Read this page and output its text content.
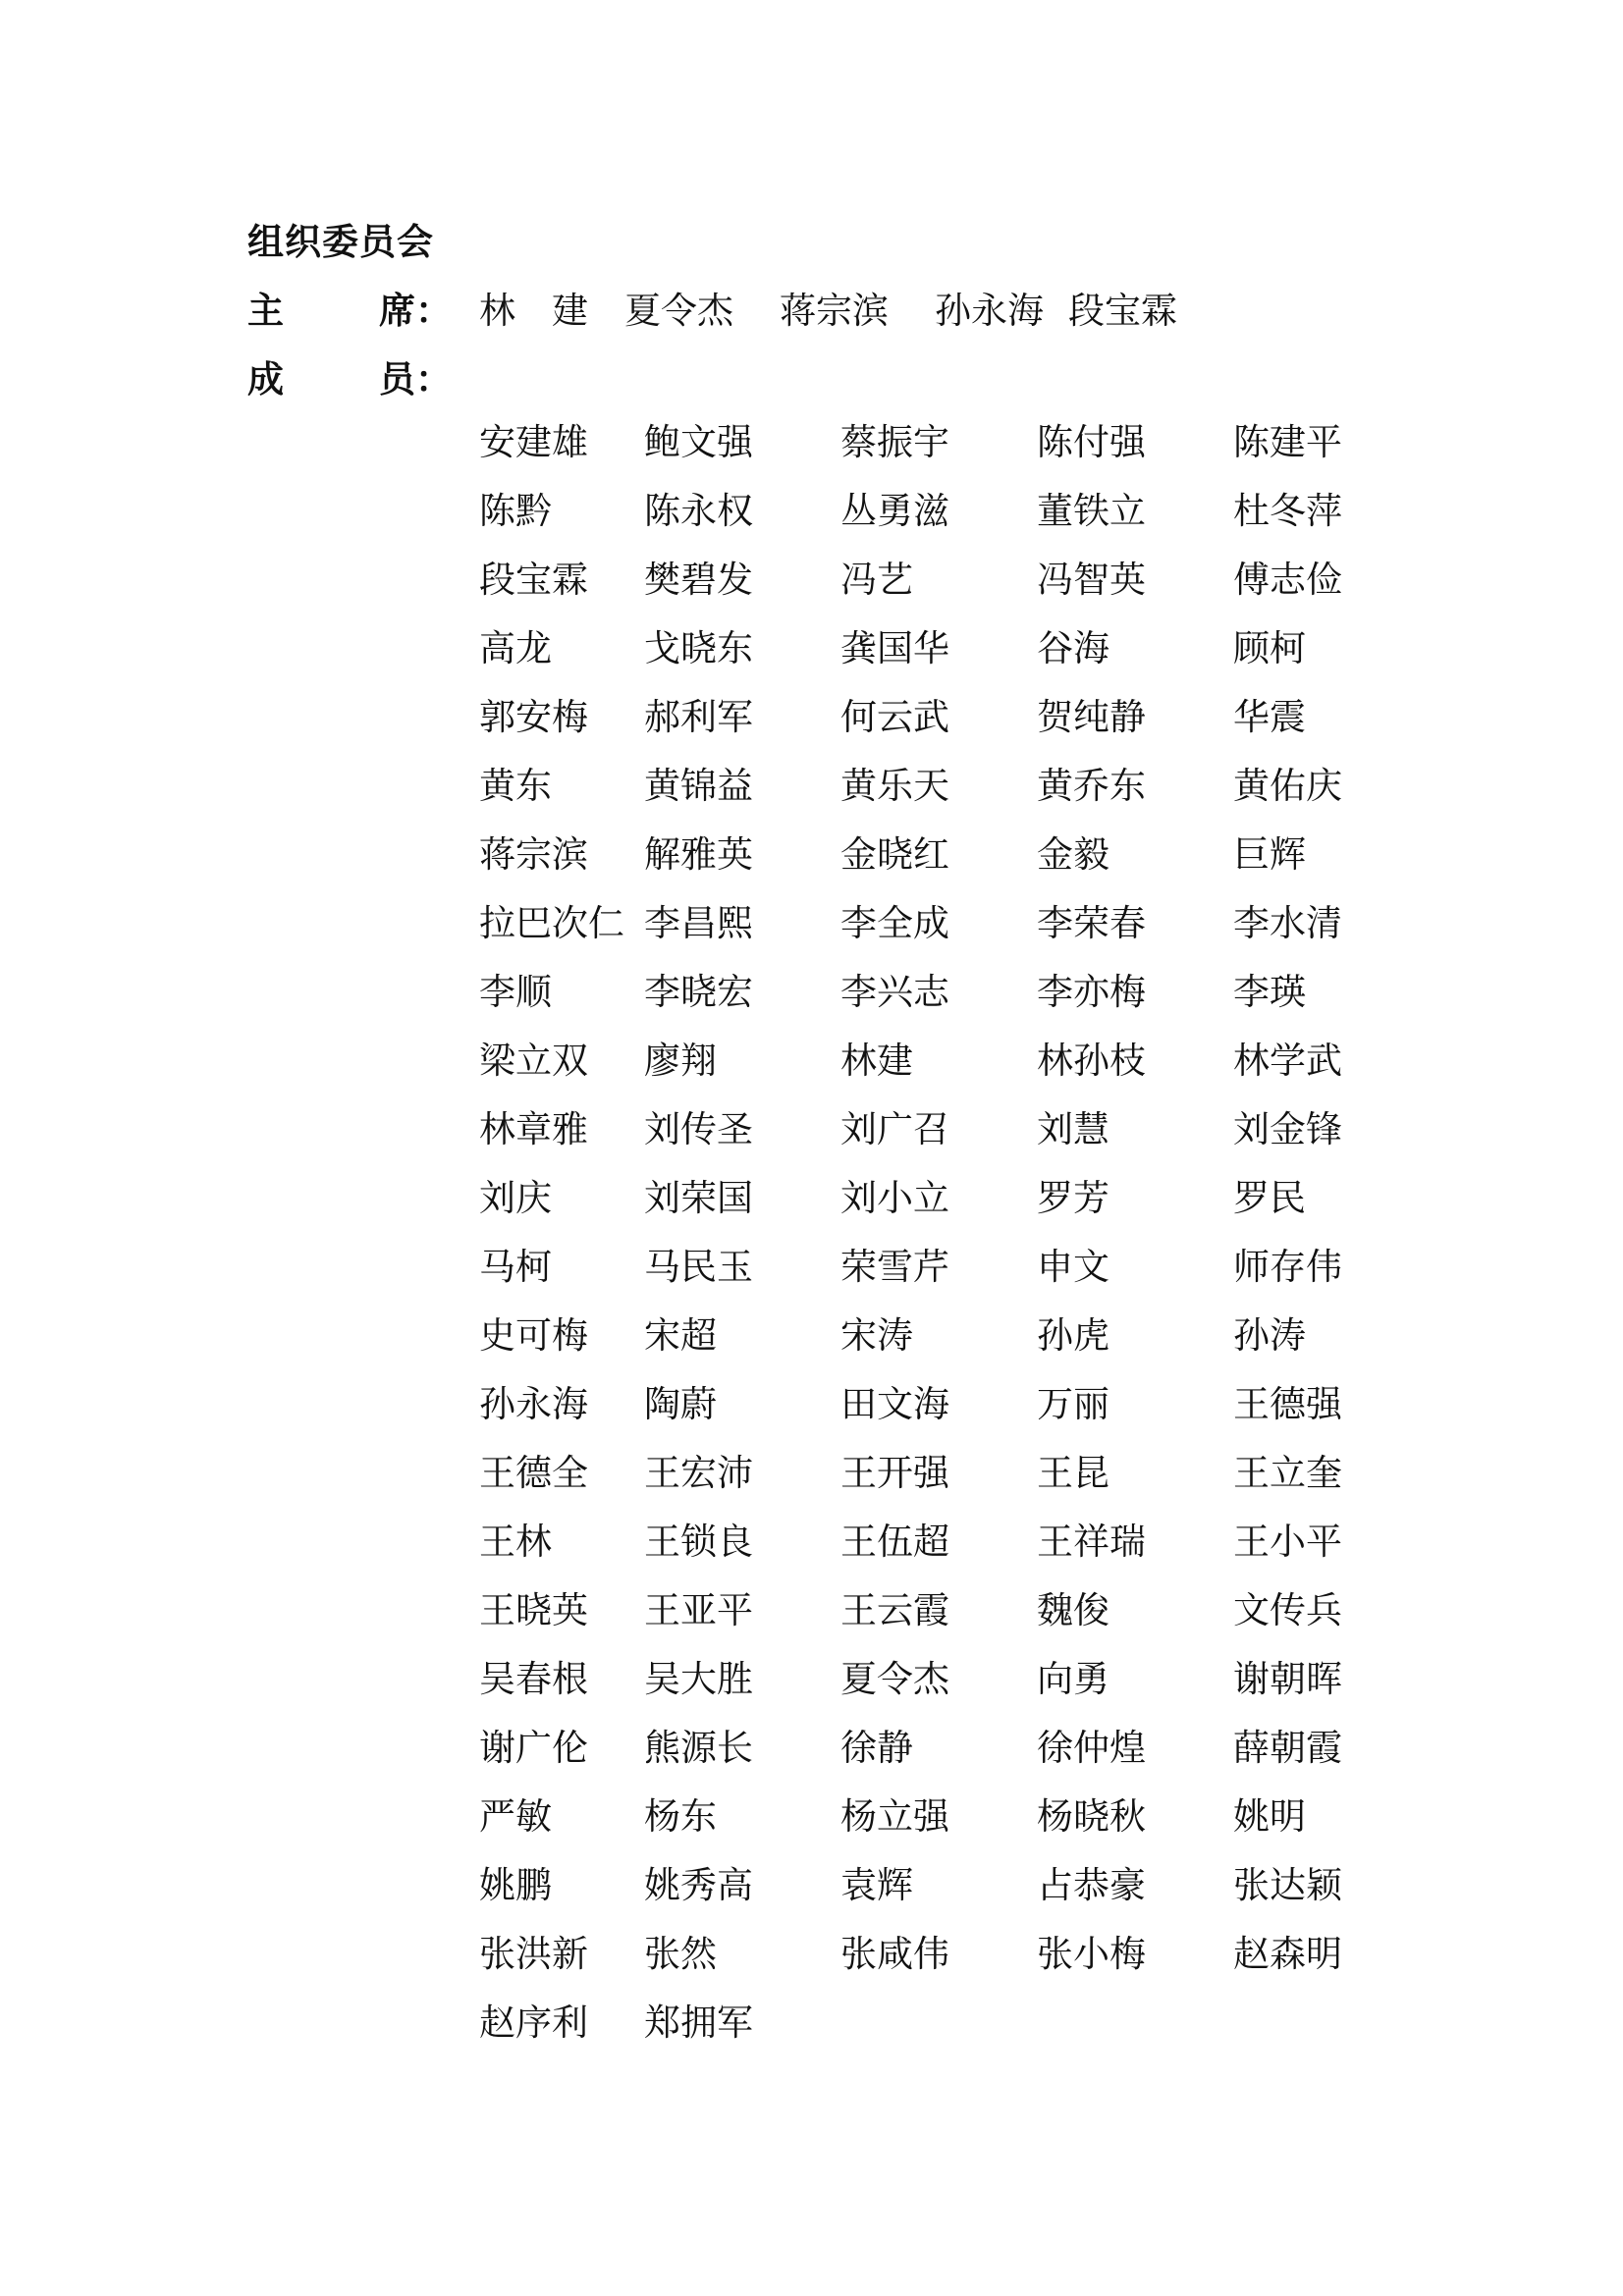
组织委员会
主	席： 林　建 夏令杰 蒋宗滨 孙永海 段宝霖
成	员：
安建雄	鲍文强	蔡振宇	陈付强	陈建平
陈黔	陈永权	丛勇滋	董铁立	杜冬萍
段宝霖	樊碧发	冯艺	冯智英	傅志俭
高龙	戈晓东	龚国华	谷海	顾柯
郭安梅	郝利军	何云武	贺纯静	华震
黄东	黄锦益	黄乐天	黄乔东	黄佑庆
蒋宗滨	解雅英	金晓红	金毅	巨辉
拉巴次仁 李昌熙	李全成	李荣春	李水清
李顺	李晓宏	李兴志	李亦梅	李瑛
梁立双	廖翔	林建	林孙枝	林学武
林章雅	刘传圣	刘广召	刘慧	刘金锋
刘庆	刘荣国	刘小立	罗芳	罗民
马柯	马民玉	荣雪芹	申文	师存伟
史可梅	宋超	宋涛	孙虎	孙涛
孙永海	陶蔚	田文海	万丽	王德强
王德全	王宏沛	王开强	王昆	王立奎
王林	王锁良	王伍超	王祥瑞	王小平
王晓英	王亚平	王云霞	魏俊	文传兵
吴春根	吴大胜	夏令杰	向勇	谢朝晖
谢广伦	熊源长	徐静	徐仲煌	薛朝霞
严敏	杨东	杨立强	杨晓秋	姚明
姚鹏	姚秀高	袁辉	占恭豪	张达颖
张洪新	张然	张咸伟	张小梅	赵森明
赵序利	郑拥军
